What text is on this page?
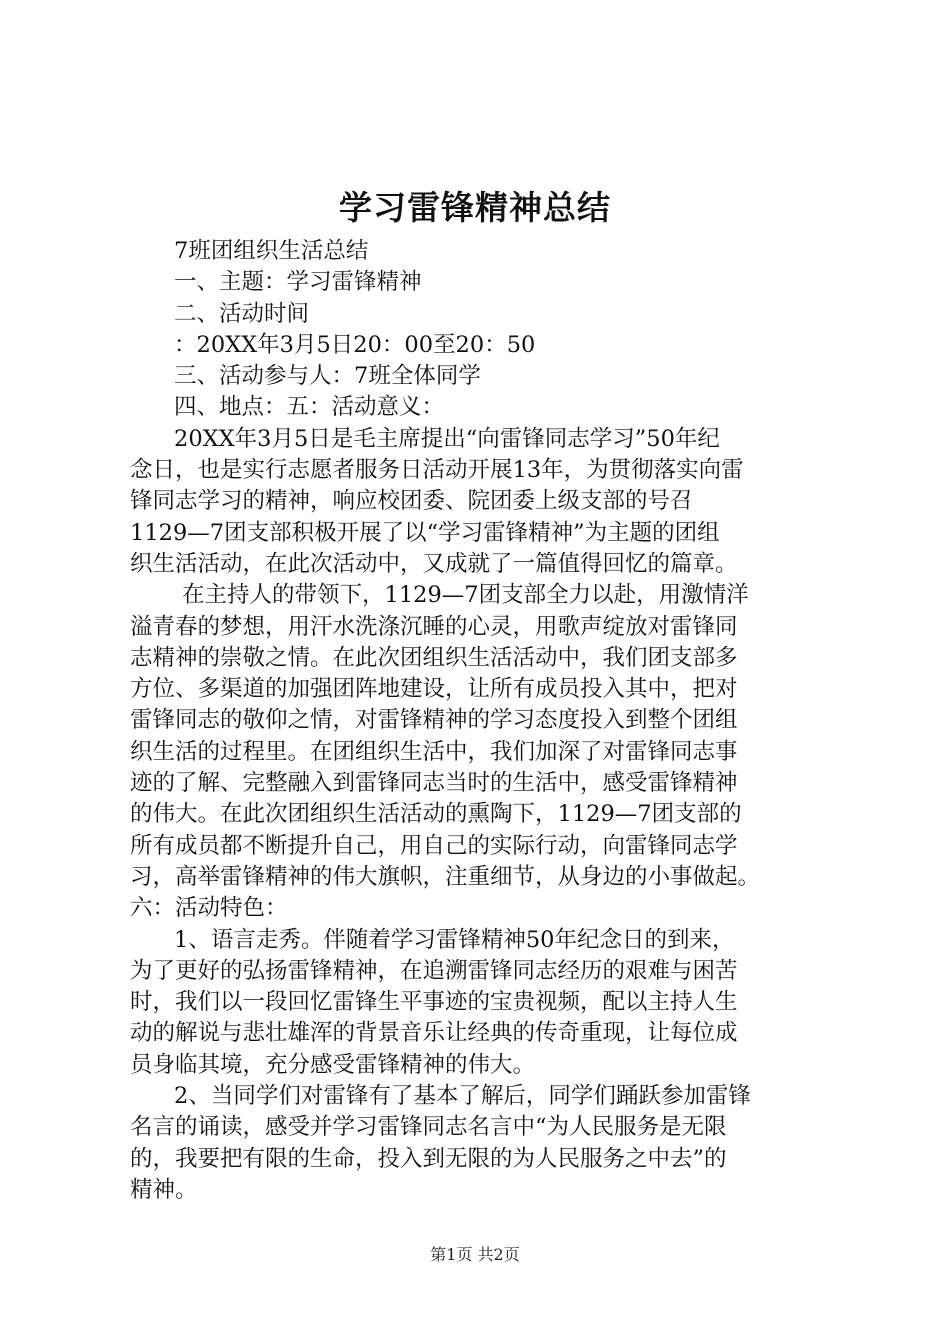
学习雷锋精神总结
7班团组织生活总结
一、主题：学习雷锋精神
二、活动时间
：20XX年3月5日20：00至20：50
三、活动参与人：7班全体同学
四、地点：五：活动意义：
20XX年3月5日是毛主席提出“向雷锋同志学习”50年纪
念日，也是实行志愿者服务日活动开展13年，为贯彻落实向雷
锋同志学习的精神，响应校团委、院团委上级支部的号召
1129—7团支部积极开展了以“学习雷锋精神”为主题的团组
织生活活动，在此次活动中，又成就了一篇值得回忆的篇章。
在主持人的带领下，1129—7团支部全力以赴，用激情洋
溢青春的梦想，用汗水洗涤沉睡的心灵，用歌声绽放对雷锋同
志精神的崇敬之情。在此次团组织生活活动中，我们团支部多
方位、多渠道的加强团阵地建设，让所有成员投入其中，把对
雷锋同志的敬仰之情，对雷锋精神的学习态度投入到整个团组
织生活的过程里。在团组织生活中，我们加深了对雷锋同志事
迹的了解、完整融入到雷锋同志当时的生活中，感受雷锋精神
的伟大。在此次团组织生活活动的熏陶下，1129—7团支部的
所有成员都不断提升自己，用自己的实际行动，向雷锋同志学
习，高举雷锋精神的伟大旗帜，注重细节，从身边的小事做起。
六：活动特色：
1、语言走秀。伴随着学习雷锋精神50年纪念日的到来，
为了更好的弘扬雷锋精神，在追溯雷锋同志经历的艰难与困苦
时，我们以一段回忆雷锋生平事迹的宝贵视频，配以主持人生
动的解说与悲壮雄浑的背景音乐让经典的传奇重现，让每位成
员身临其境，充分感受雷锋精神的伟大。
2、当同学们对雷锋有了基本了解后，同学们踊跃参加雷锋
名言的诵读，感受并学习雷锋同志名言中“为人民服务是无限
的，我要把有限的生命，投入到无限的为人民服务之中去”的
精神。
第1页 共2页
